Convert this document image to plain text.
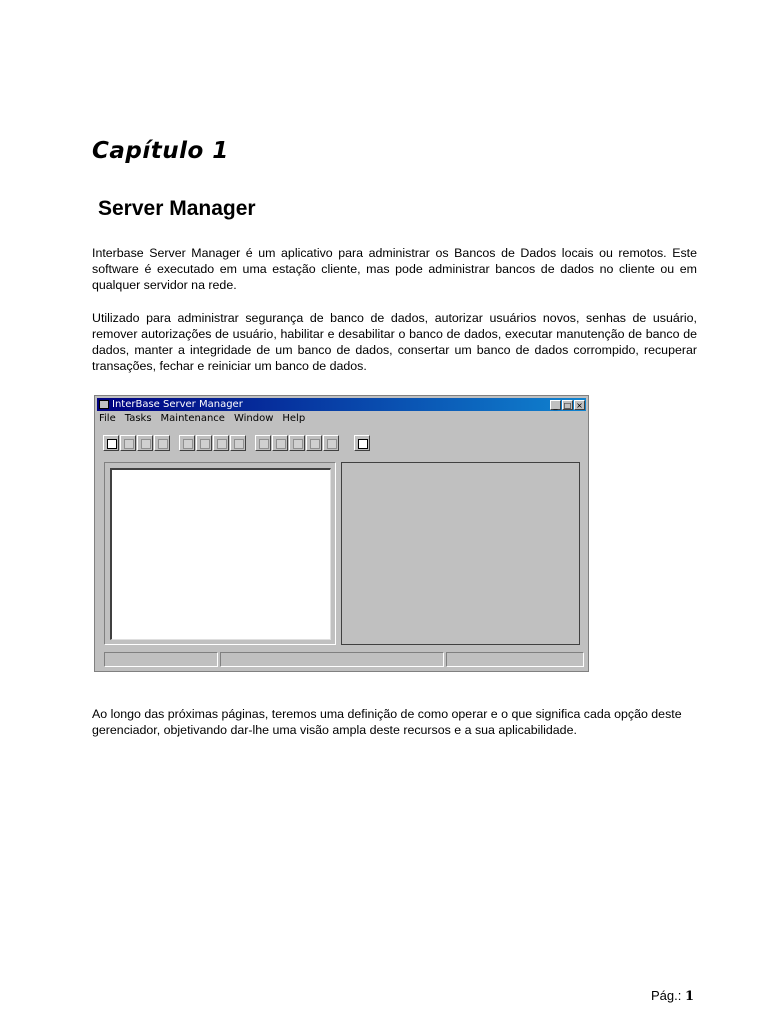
Capítulo 1
Server Manager
Interbase Server Manager é um aplicativo para administrar os Bancos de Dados locais ou remotos. Este software é executado em uma estação cliente, mas pode administrar bancos de dados no cliente ou em qualquer servidor na rede.
Utilizado para administrar segurança de banco de dados, autorizar usuários novos, senhas de usuário, remover autorizações de usuário, habilitar e desabilitar o banco de dados, executar manutenção de banco de dados, manter a integridade de um banco de dados, consertar um banco de dados corrompido, recuperar transações, fechar e reiniciar um banco de dados.
InterBase Server Manager	_ □ ×
File Tasks Maintenance Window Help
Ao longo das próximas páginas, teremos uma definição de como operar e o que significa cada opção deste gerenciador, objetivando dar-lhe uma visão ampla deste recursos e a sua aplicabilidade.
Pág.: 1
